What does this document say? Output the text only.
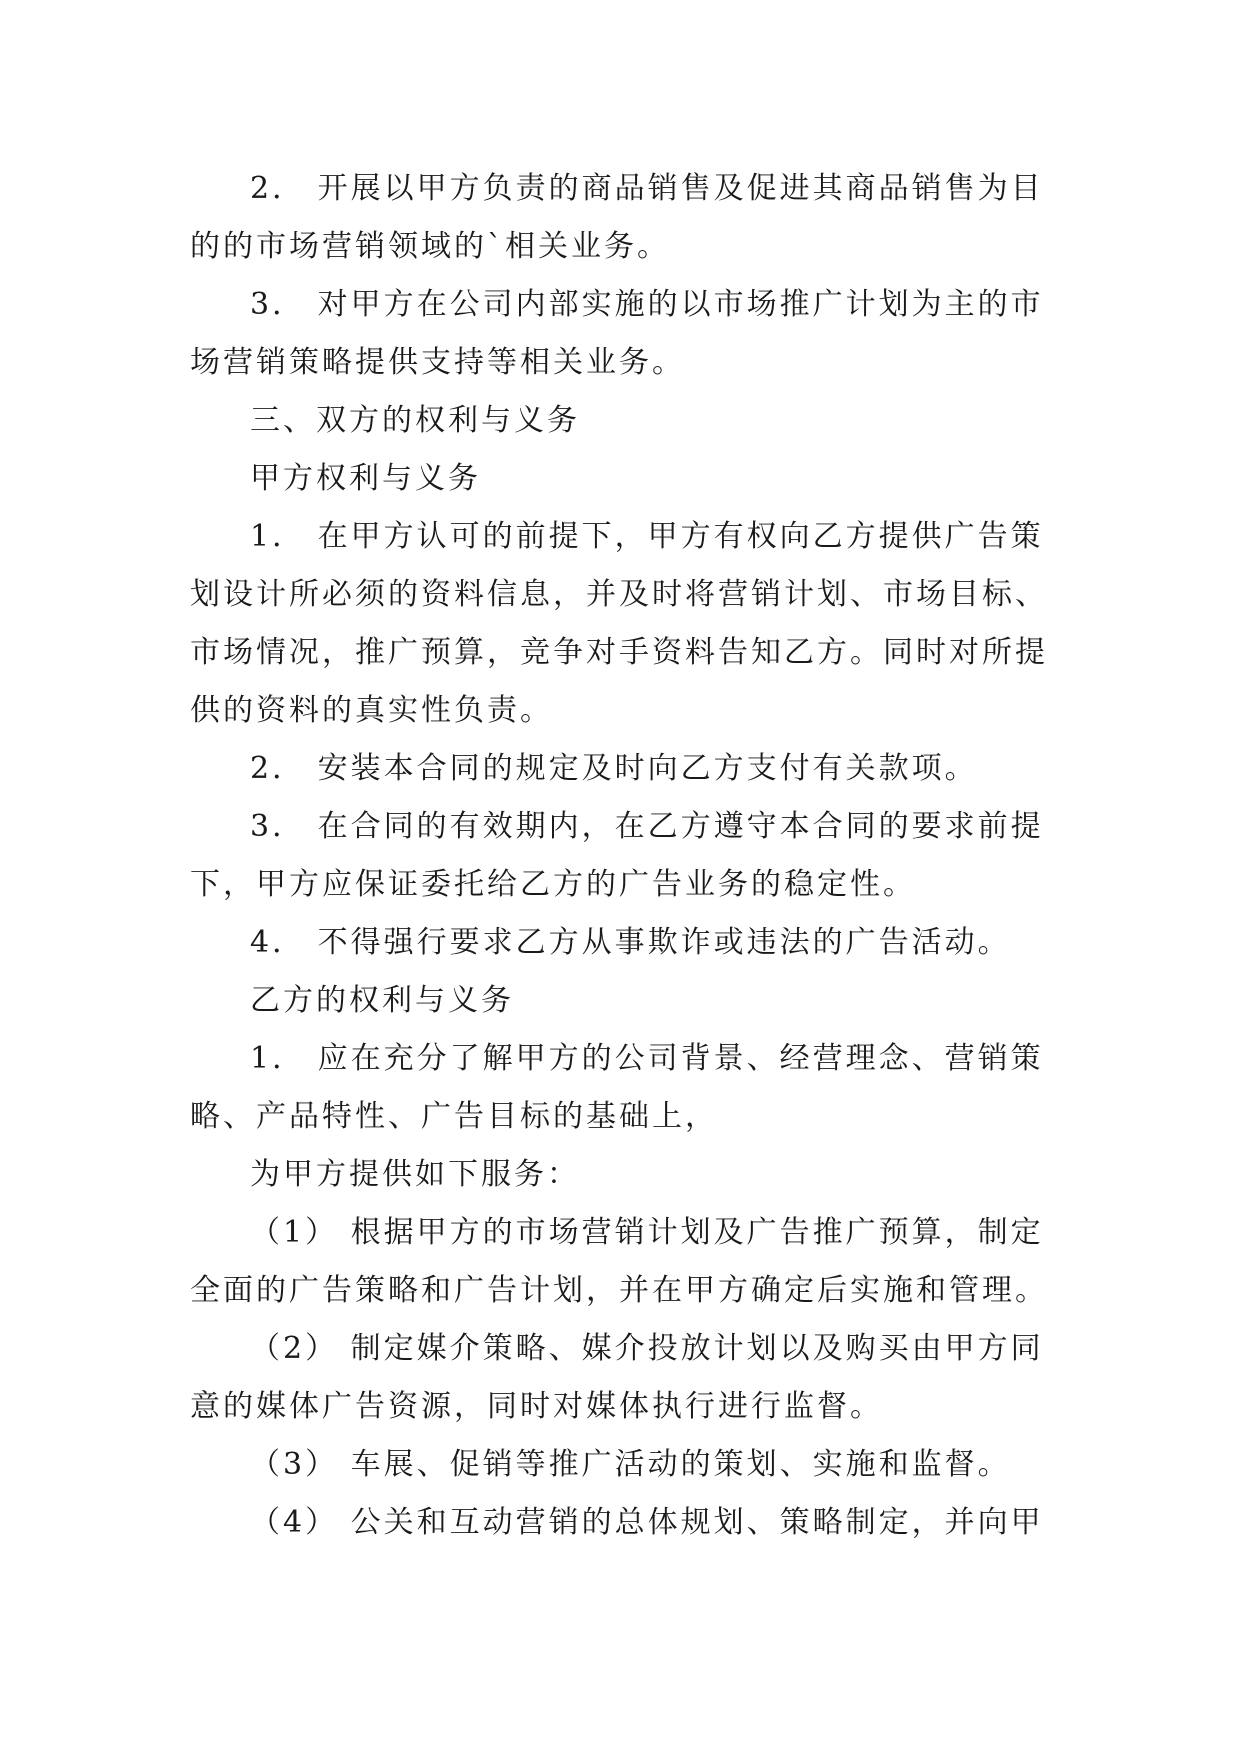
2． 开展以甲方负责的商品销售及促进其商品销售为目的的市场营销领域的`相关业务。

3． 对甲方在公司内部实施的以市场推广计划为主的市场营销策略提供支持等相关业务。

三、双方的权利与义务

甲方权利与义务

1． 在甲方认可的前提下，甲方有权向乙方提供广告策划设计所必须的资料信息，并及时将营销计划、市场目标、市场情况，推广预算，竞争对手资料告知乙方。同时对所提供的资料的真实性负责。

2． 安装本合同的规定及时向乙方支付有关款项。

3． 在合同的有效期内，在乙方遵守本合同的要求前提下，甲方应保证委托给乙方的广告业务的稳定性。

4． 不得强行要求乙方从事欺诈或违法的广告活动。

乙方的权利与义务

1． 应在充分了解甲方的公司背景、经营理念、营销策略、产品特性、广告目标的基础上，

为甲方提供如下服务：

（1） 根据甲方的市场营销计划及广告推广预算，制定全面的广告策略和广告计划，并在甲方确定后实施和管理。

（2） 制定媒介策略、媒介投放计划以及购买由甲方同意的媒体广告资源，同时对媒体执行进行监督。

（3） 车展、促销等推广活动的策划、实施和监督。

（4） 公关和互动营销的总体规划、策略制定，并向甲
